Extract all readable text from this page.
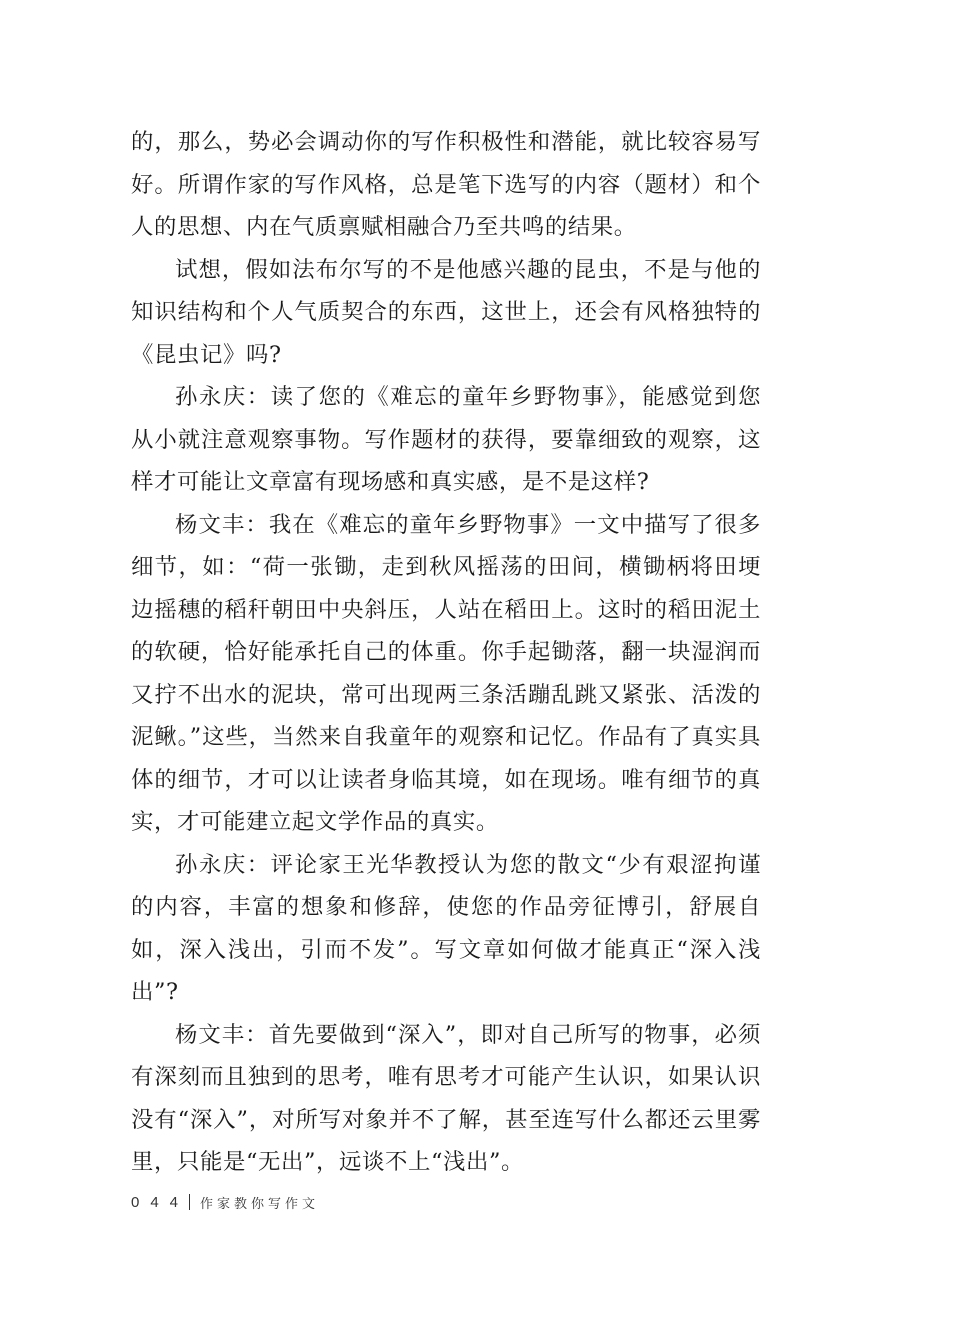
的，那么，势必会调动你的写作积极性和潜能，就比较容易写好。所谓作家的写作风格，总是笔下选写的内容（题材）和个人的思想、内在气质禀赋相融合乃至共鸣的结果。

试想，假如法布尔写的不是他感兴趣的昆虫，不是与他的知识结构和个人气质契合的东西，这世上，还会有风格独特的《昆虫记》吗?

孙永庆：读了您的《难忘的童年乡野物事》，能感觉到您从小就注意观察事物。写作题材的获得，要靠细致的观察，这样才可能让文章富有现场感和真实感，是不是这样?

杨文丰：我在《难忘的童年乡野物事》一文中描写了很多细节，如：“荷一张锄，走到秋风摇荡的田间，横锄柄将田埂边摇穗的稻秆朝田中央斜压，人站在稻田上。这时的稻田泥土的软硬，恰好能承托自己的体重。你手起锄落，翻一块湿润而又拧不出水的泥块，常可出现两三条活蹦乱跳又紧张、活泼的泥鳅。”这些，当然来自我童年的观察和记忆。作品有了真实具体的细节，才可以让读者身临其境，如在现场。唯有细节的真实，才可能建立起文学作品的真实。

孙永庆：评论家王光华教授认为您的散文“少有艰涩拘谨的内容，丰富的想象和修辞，使您的作品旁征博引，舒展自如，深入浅出，引而不发”。写文章如何做才能真正“深入浅出”?

杨文丰：首先要做到“深入”，即对自己所写的物事，必须有深刻而且独到的思考，唯有思考才可能产生认识，如果认识没有“深入”，对所写对象并不了解，甚至连写什么都还云里雾里，只能是“无出”，远谈不上“浅出”。

044 作家教你写作文
